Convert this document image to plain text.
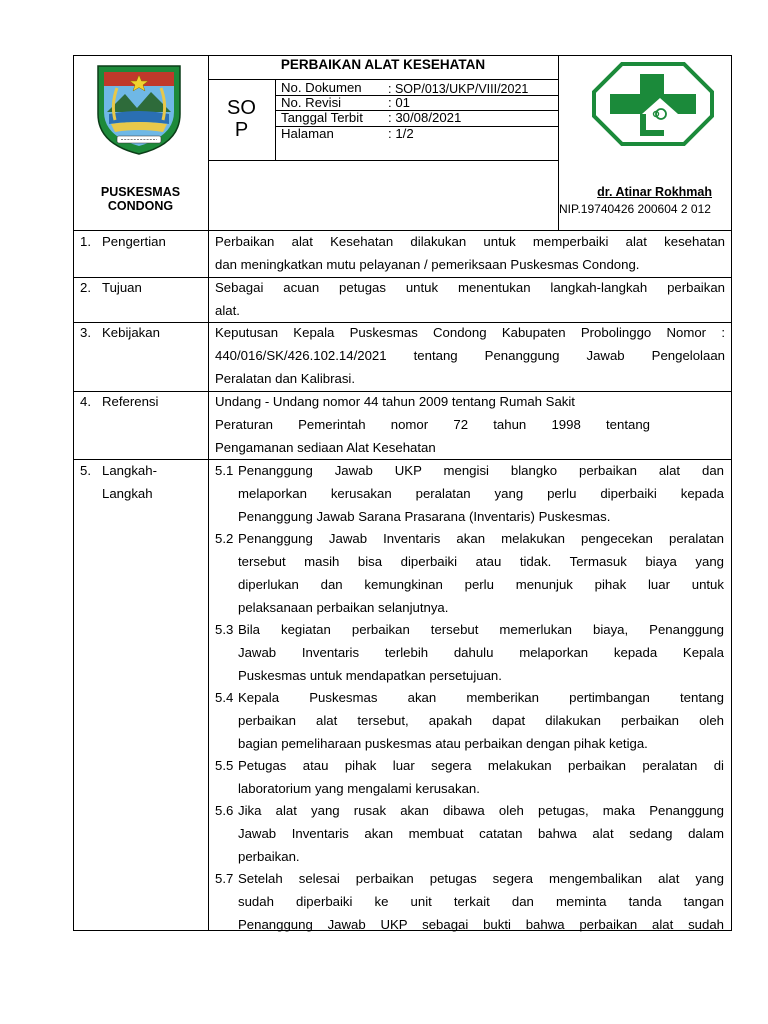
PERBAIKAN ALAT KESEHATAN
SO
P
No. Dokumen : SOP/013/UKP/VIII/2021
No. Revisi	: 01
Tanggal Terbit : 30/08/2021
Halaman	: 1/2
PUSKESMAS
CONDONG
dr. Atinar Rokhmah
NIP.19740426 200604 2 012
1. Pengertian	Perbaikan alat Kesehatan dilakukan untuk memperbaiki alat kesehatan
dan meningkatkan mutu pelayanan / pemeriksaan Puskesmas Condong.
2. Tujuan	Sebagai acuan petugas untuk menentukan langkah-langkah perbaikan
alat.
3. Kebijakan	Keputusan Kepala Puskesmas Condong Kabupaten Probolinggo Nomor :
440/016/SK/426.102.14/2021 tentang Penanggung Jawab Pengelolaan
Peralatan dan Kalibrasi.
4. Referensi	Undang - Undang nomor 44 tahun 2009 tentang Rumah Sakit
Peraturan Pemerintah nomor 72 tahun 1998 tentang
Pengamanan sediaan Alat Kesehatan
5. Langkah-
Langkah
5.1 Penanggung Jawab UKP mengisi blangko perbaikan alat dan
melaporkan kerusakan peralatan yang perlu diperbaiki kepada
Penanggung Jawab Sarana Prasarana (Inventaris) Puskesmas.
5.2 Penanggung Jawab Inventaris akan melakukan pengecekan peralatan
tersebut masih bisa diperbaiki atau tidak. Termasuk biaya yang
diperlukan dan kemungkinan perlu menunjuk pihak luar untuk
pelaksanaan perbaikan selanjutnya.
5.3 Bila kegiatan perbaikan tersebut memerlukan biaya, Penanggung
Jawab Inventaris terlebih dahulu melaporkan kepada Kepala
Puskesmas untuk mendapatkan persetujuan.
5.4 Kepala Puskesmas akan memberikan pertimbangan tentang
perbaikan alat tersebut, apakah dapat dilakukan perbaikan oleh
bagian pemeliharaan puskesmas atau perbaikan dengan pihak ketiga.
5.5 Petugas atau pihak luar segera melakukan perbaikan peralatan di
laboratorium yang mengalami kerusakan.
5.6 Jika alat yang rusak akan dibawa oleh petugas, maka Penanggung
Jawab Inventaris akan membuat catatan bahwa alat sedang dalam
perbaikan.
5.7 Setelah selesai perbaikan petugas segera mengembalikan alat yang
sudah diperbaiki ke unit terkait dan meminta tanda tangan
Penanggung Jawab UKP sebagai bukti bahwa perbaikan alat sudah
